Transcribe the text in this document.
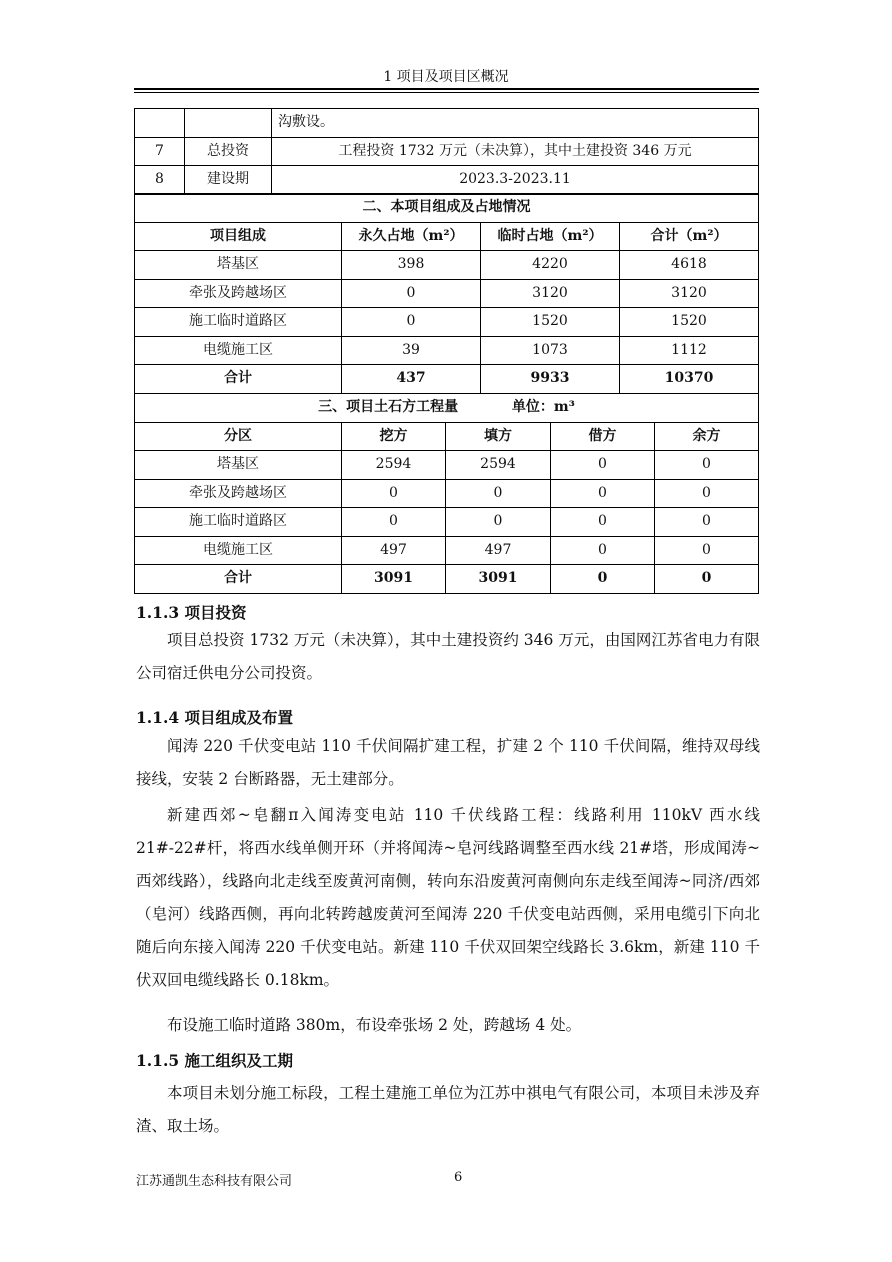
1 项目及项目区概况
		沟敷设。
7	总投资	工程投资 1732 万元（未决算），其中土建投资 346 万元
8	建设期	2023.3-2023.11
二、本项目组成及占地情况			
项目组成	永久占地（m²）	临时占地（m²）	合计（m²）
塔基区	398	4220	4618
牵张及跨越场区	0	3120	3120
施工临时道路区	0	1520	1520
电缆施工区	39	1073	1112
合计	437	9933	10370
三、项目土石方工程量 单位：m³				
分区	挖方	填方	借方	余方
塔基区	2594	2594	0	0
牵张及跨越场区	0	0	0	0
施工临时道路区	0	0	0	0
电缆施工区	497	497	0	0
合计	3091	3091	0	0
1.1.3 项目投资

项目总投资 1732 万元（未决算），其中土建投资约 346 万元，由国网江苏省电力有限公司宿迁供电分公司投资。

1.1.4 项目组成及布置

闻涛 220 千伏变电站 110 千伏间隔扩建工程，扩建 2 个 110 千伏间隔，维持双母线接线，安装 2 台断路器，无土建部分。

新建西郊~皂翻π入闻涛变电站 110 千伏线路工程：线路利用 110kV 西水线 21#-22#杆，将西水线单侧开环（并将闻涛~皂河线路调整至西水线 21#塔，形成闻涛~西郊线路），线路向北走线至废黄河南侧，转向东沿废黄河南侧向东走线至闻涛~同济/西郊（皂河）线路西侧，再向北转跨越废黄河至闻涛 220 千伏变电站西侧，采用电缆引下向北随后向东接入闻涛 220 千伏变电站。新建 110 千伏双回架空线路长 3.6km，新建 110 千伏双回电缆线路长 0.18km。

布设施工临时道路 380m，布设牵张场 2 处，跨越场 4 处。

1.1.5 施工组织及工期

本项目未划分施工标段，工程土建施工单位为江苏中祺电气有限公司，本项目未涉及弃渣、取土场。

江苏通凯生态科技有限公司	6
